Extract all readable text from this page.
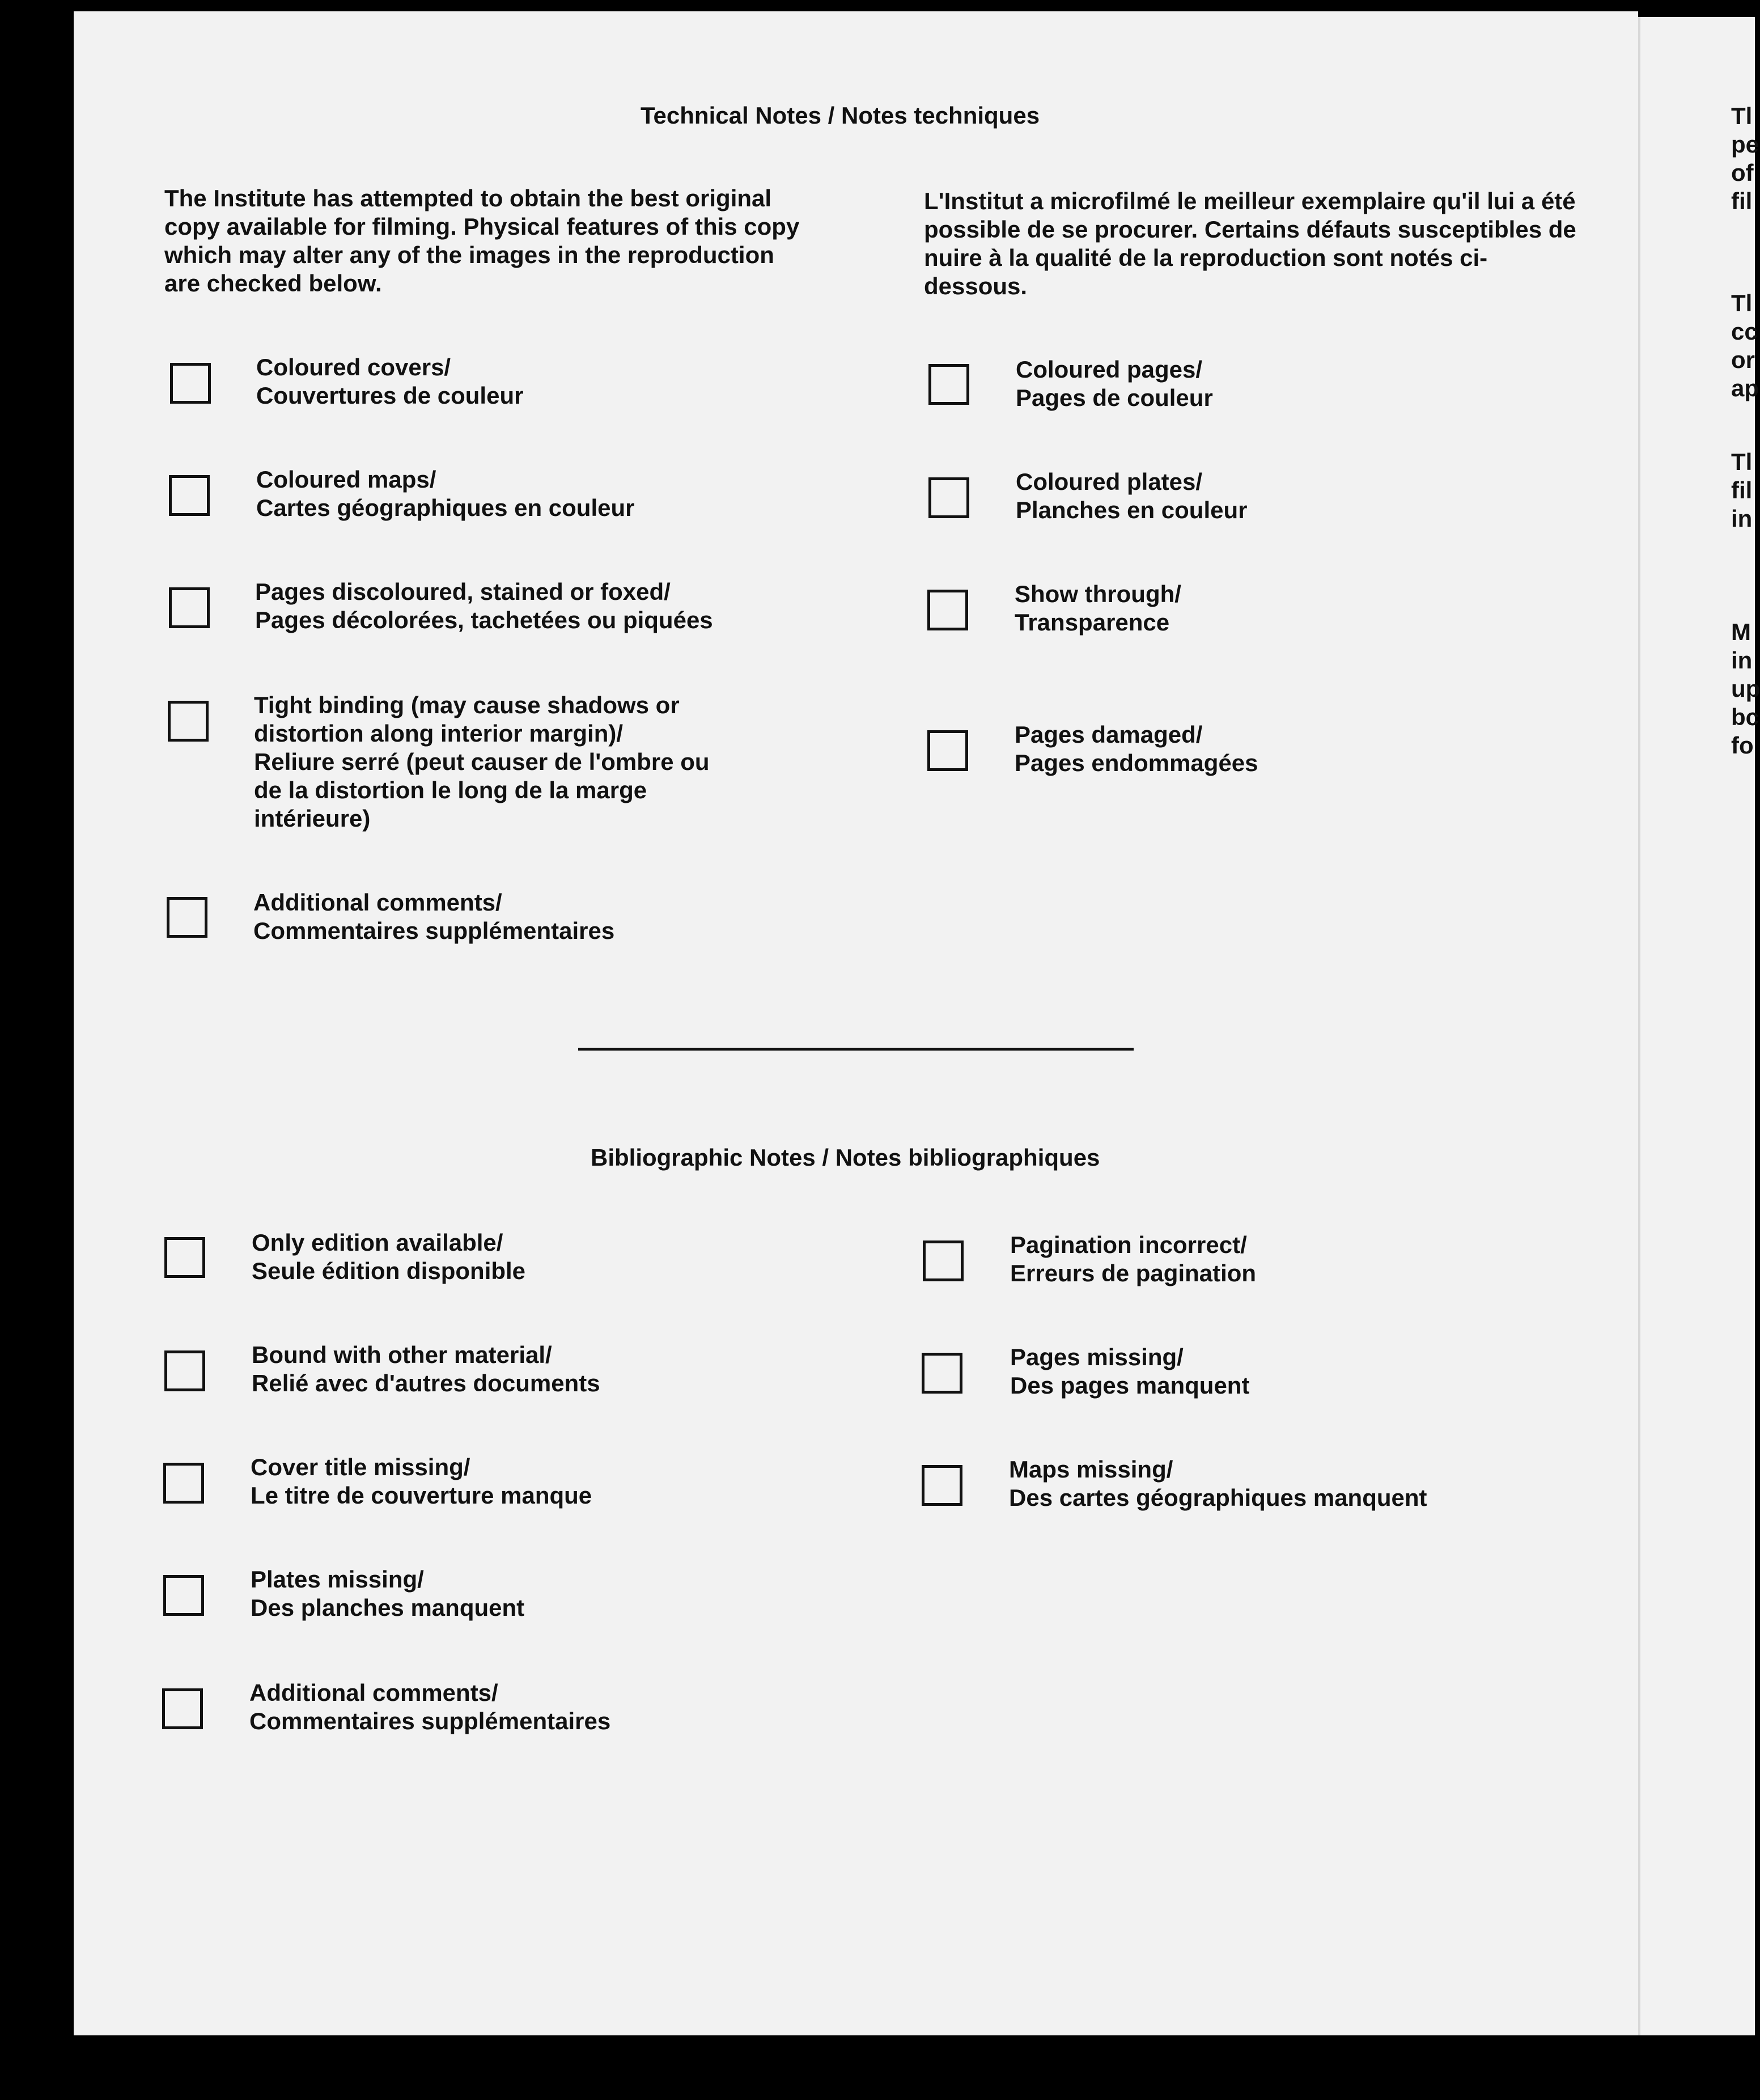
Technical Notes / Notes techniques
The Institute has attempted to obtain the best original copy available for filming. Physical features of this copy which may alter any of the images in the reproduction are checked below.
L'Institut a microfilmé le meilleur exemplaire qu'il lui a été possible de se procurer. Certains défauts susceptibles de nuire à la qualité de la reproduction sont notés ci-dessous.
Coloured covers/
Couvertures de couleur
Coloured maps/
Cartes géographiques en couleur
Pages discoloured, stained or foxed/
Pages décolorées, tachetées ou piquées
Tight binding (may cause shadows or
distortion along interior margin)/
Reliure serré (peut causer de l'ombre ou
de la distortion le long de la marge
intérieure)
Additional comments/
Commentaires supplémentaires
Coloured pages/
Pages de couleur
Coloured plates/
Planches en couleur
Show through/
Transparence
Pages damaged/
Pages endommagées
Bibliographic Notes / Notes bibliographiques
Only edition available/
Seule édition disponible
Bound with other material/
Relié avec d'autres documents
Cover title missing/
Le titre de couverture manque
Plates missing/
Des planches manquent
Additional comments/
Commentaires supplémentaires
Pagination incorrect/
Erreurs de pagination
Pages missing/
Des pages manquent
Maps missing/
Des cartes géographiques manquent
Tl
pe
of
fil
Tl
cc
or
ap
Tl
fil
in
M
in
up
bc
fo
